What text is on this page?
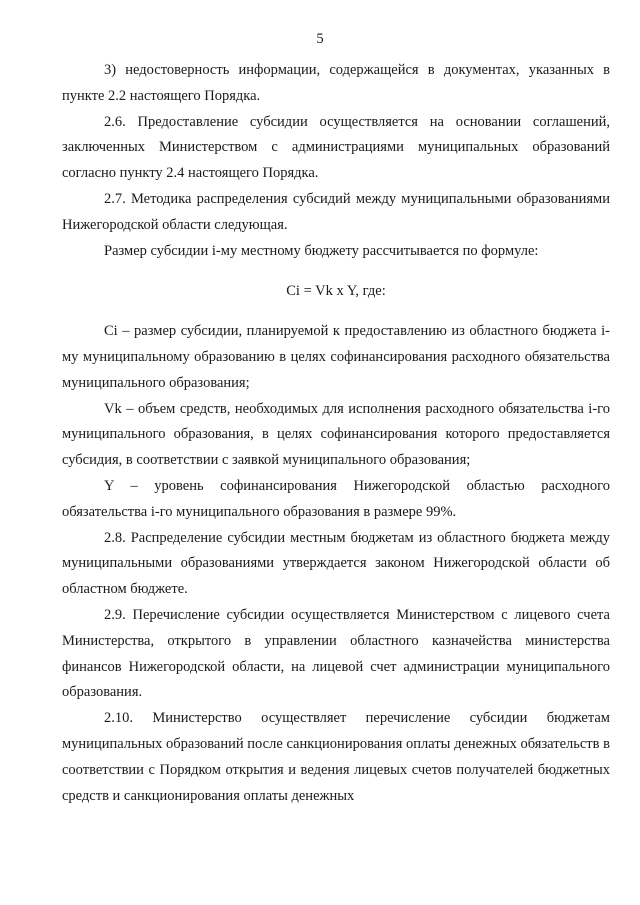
5

3) недостоверность информации, содержащейся в документах, указанных в пункте 2.2 настоящего Порядка.

2.6. Предоставление субсидии осуществляется на основании соглашений, заключенных Министерством с администрациями муниципальных образований согласно пункту 2.4 настоящего Порядка.

2.7. Методика распределения субсидий между муниципальными образованиями Нижегородской области следующая.

Размер субсидии i-му местному бюджету рассчитывается по формуле:

Ci = Vk x Y, где:

Ci – размер субсидии, планируемой к предоставлению из областного бюджета i-му муниципальному образованию в целях софинансирования расходного обязательства муниципального образования;

Vk – объем средств, необходимых для исполнения расходного обязательства i-го муниципального образования, в целях софинансирования которого предоставляется субсидия, в соответствии с заявкой муниципального образования;

Y – уровень софинансирования Нижегородской областью расходного обязательства i-го муниципального образования в размере 99%.

2.8. Распределение субсидии местным бюджетам из областного бюджета между муниципальными образованиями утверждается законом Нижегородской области об областном бюджете.

2.9. Перечисление субсидии осуществляется Министерством с лицевого счета Министерства, открытого в управлении областного казначейства министерства финансов Нижегородской области, на лицевой счет администрации муниципального образования.

2.10. Министерство осуществляет перечисление субсидии бюджетам муниципальных образований после санкционирования оплаты денежных обязательств в соответствии с Порядком открытия и ведения лицевых счетов получателей бюджетных средств и санкционирования оплаты денежных
